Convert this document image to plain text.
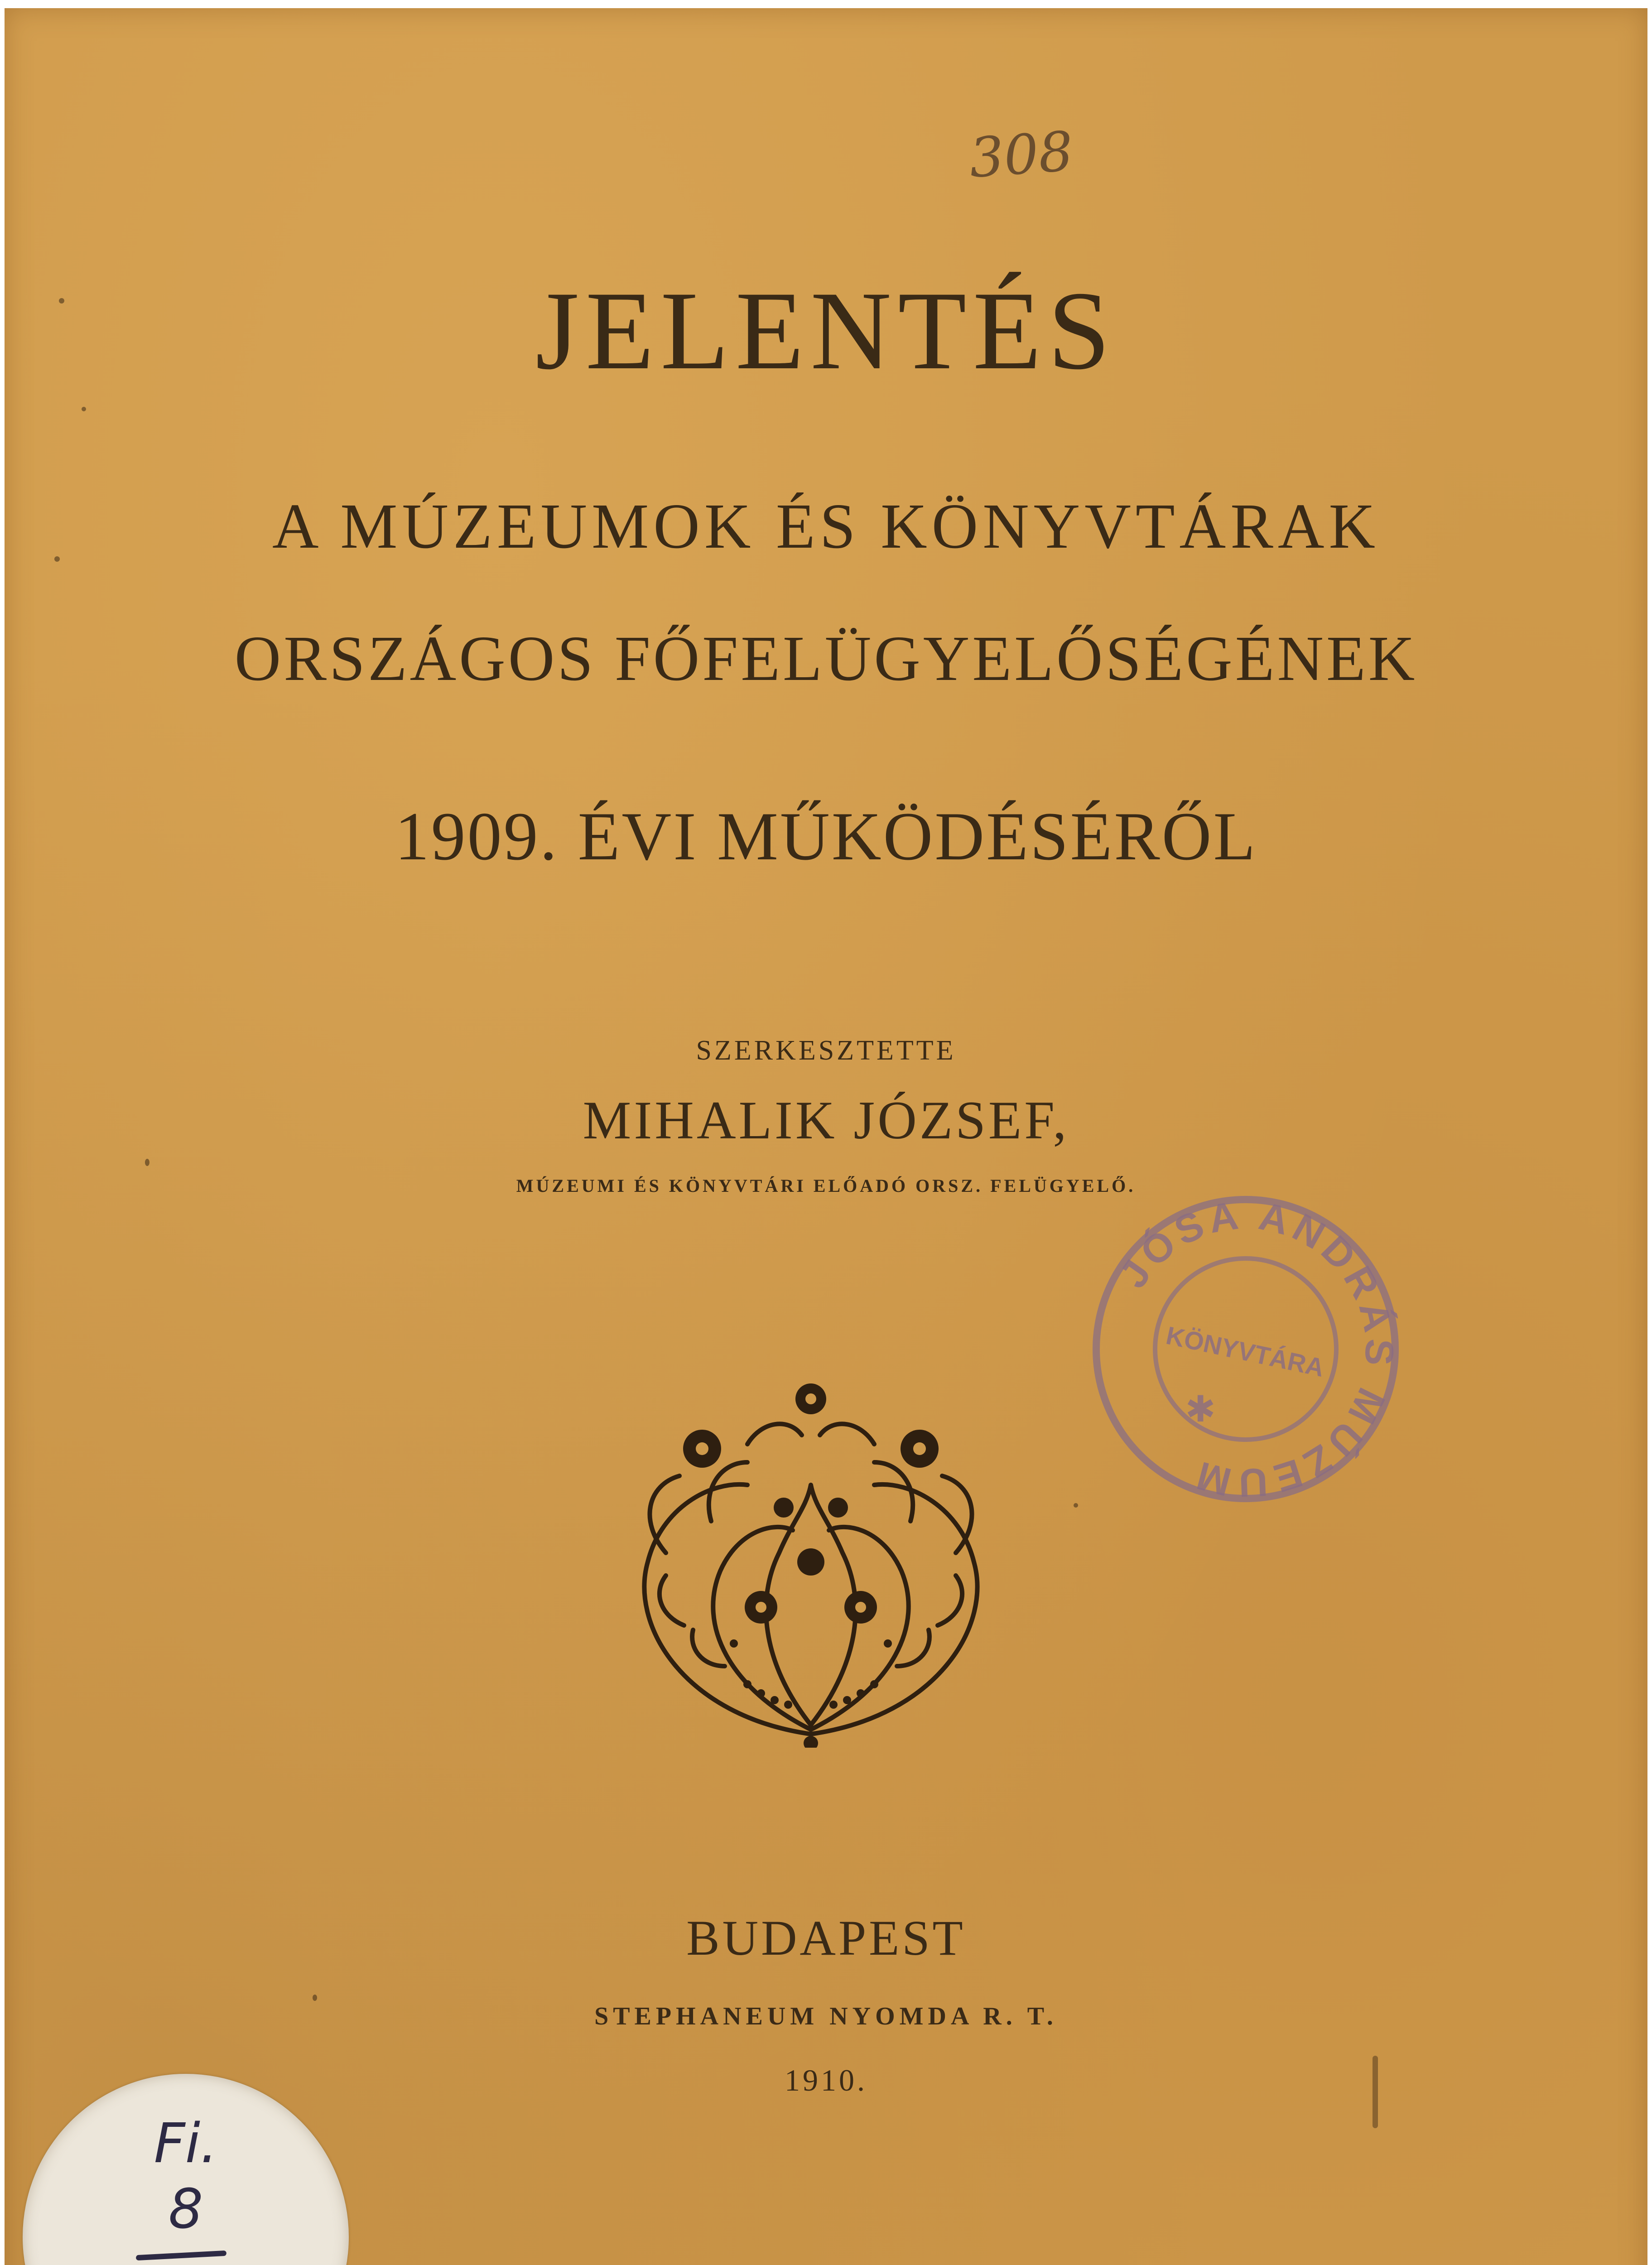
308
JELENTÉS
A MÚZEUMOK ÉS KÖNYVTÁRAK
ORSZÁGOS FŐFELÜGYELŐSÉGÉNEK
1909. ÉVI MŰKÖDÉSÉRŐL
SZERKESZTETTE
MIHALIK JÓZSEF,
MÚZEUMI ÉS KÖNYVTÁRI ELŐADÓ ORSZ. FELÜGYELŐ.
JÓSA ANDRÁS MÚZEUM
KÖNYVTÁRA
✱
BUDAPEST
STEPHANEUM NYOMDA R. T.
1910.
Fi.
8
